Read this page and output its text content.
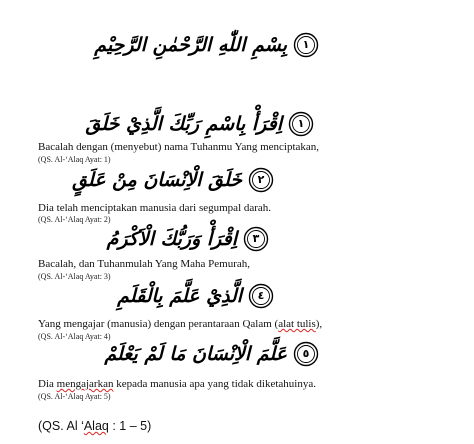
١
بِسْمِ اللّٰهِ الرَّحْمٰنِ الرَّحِيْمِ
١
اِقْرَأْ بِاسْمِ رَبِّكَ الَّذِيْ خَلَقَ
Bacalah dengan (menyebut) nama Tuhanmu Yang menciptakan,
(QS. Al-‘Alaq Ayat: 1)
٢
خَلَقَ الْاِنْسَانَ مِنْ عَلَقٍ
Dia telah menciptakan manusia dari segumpal darah.
(QS. Al-‘Alaq Ayat: 2)
٣
اِقْرَأْ وَرَبُّكَ الْاَكْرَمُ
Bacalah, dan Tuhanmulah Yang Maha Pemurah,
(QS. Al-‘Alaq Ayat: 3)
٤
الَّذِيْ عَلَّمَ بِالْقَلَمِ
Yang mengajar (manusia) dengan perantaraan Qalam (alat tulis),
(QS. Al-‘Alaq Ayat: 4)
٥
عَلَّمَ الْاِنْسَانَ مَا لَمْ يَعْلَمْ
Dia mengajarkan kepada manusia apa yang tidak diketahuinya.
(QS. Al-‘Alaq Ayat: 5)
(QS. Al ‘Alaq : 1 – 5)
